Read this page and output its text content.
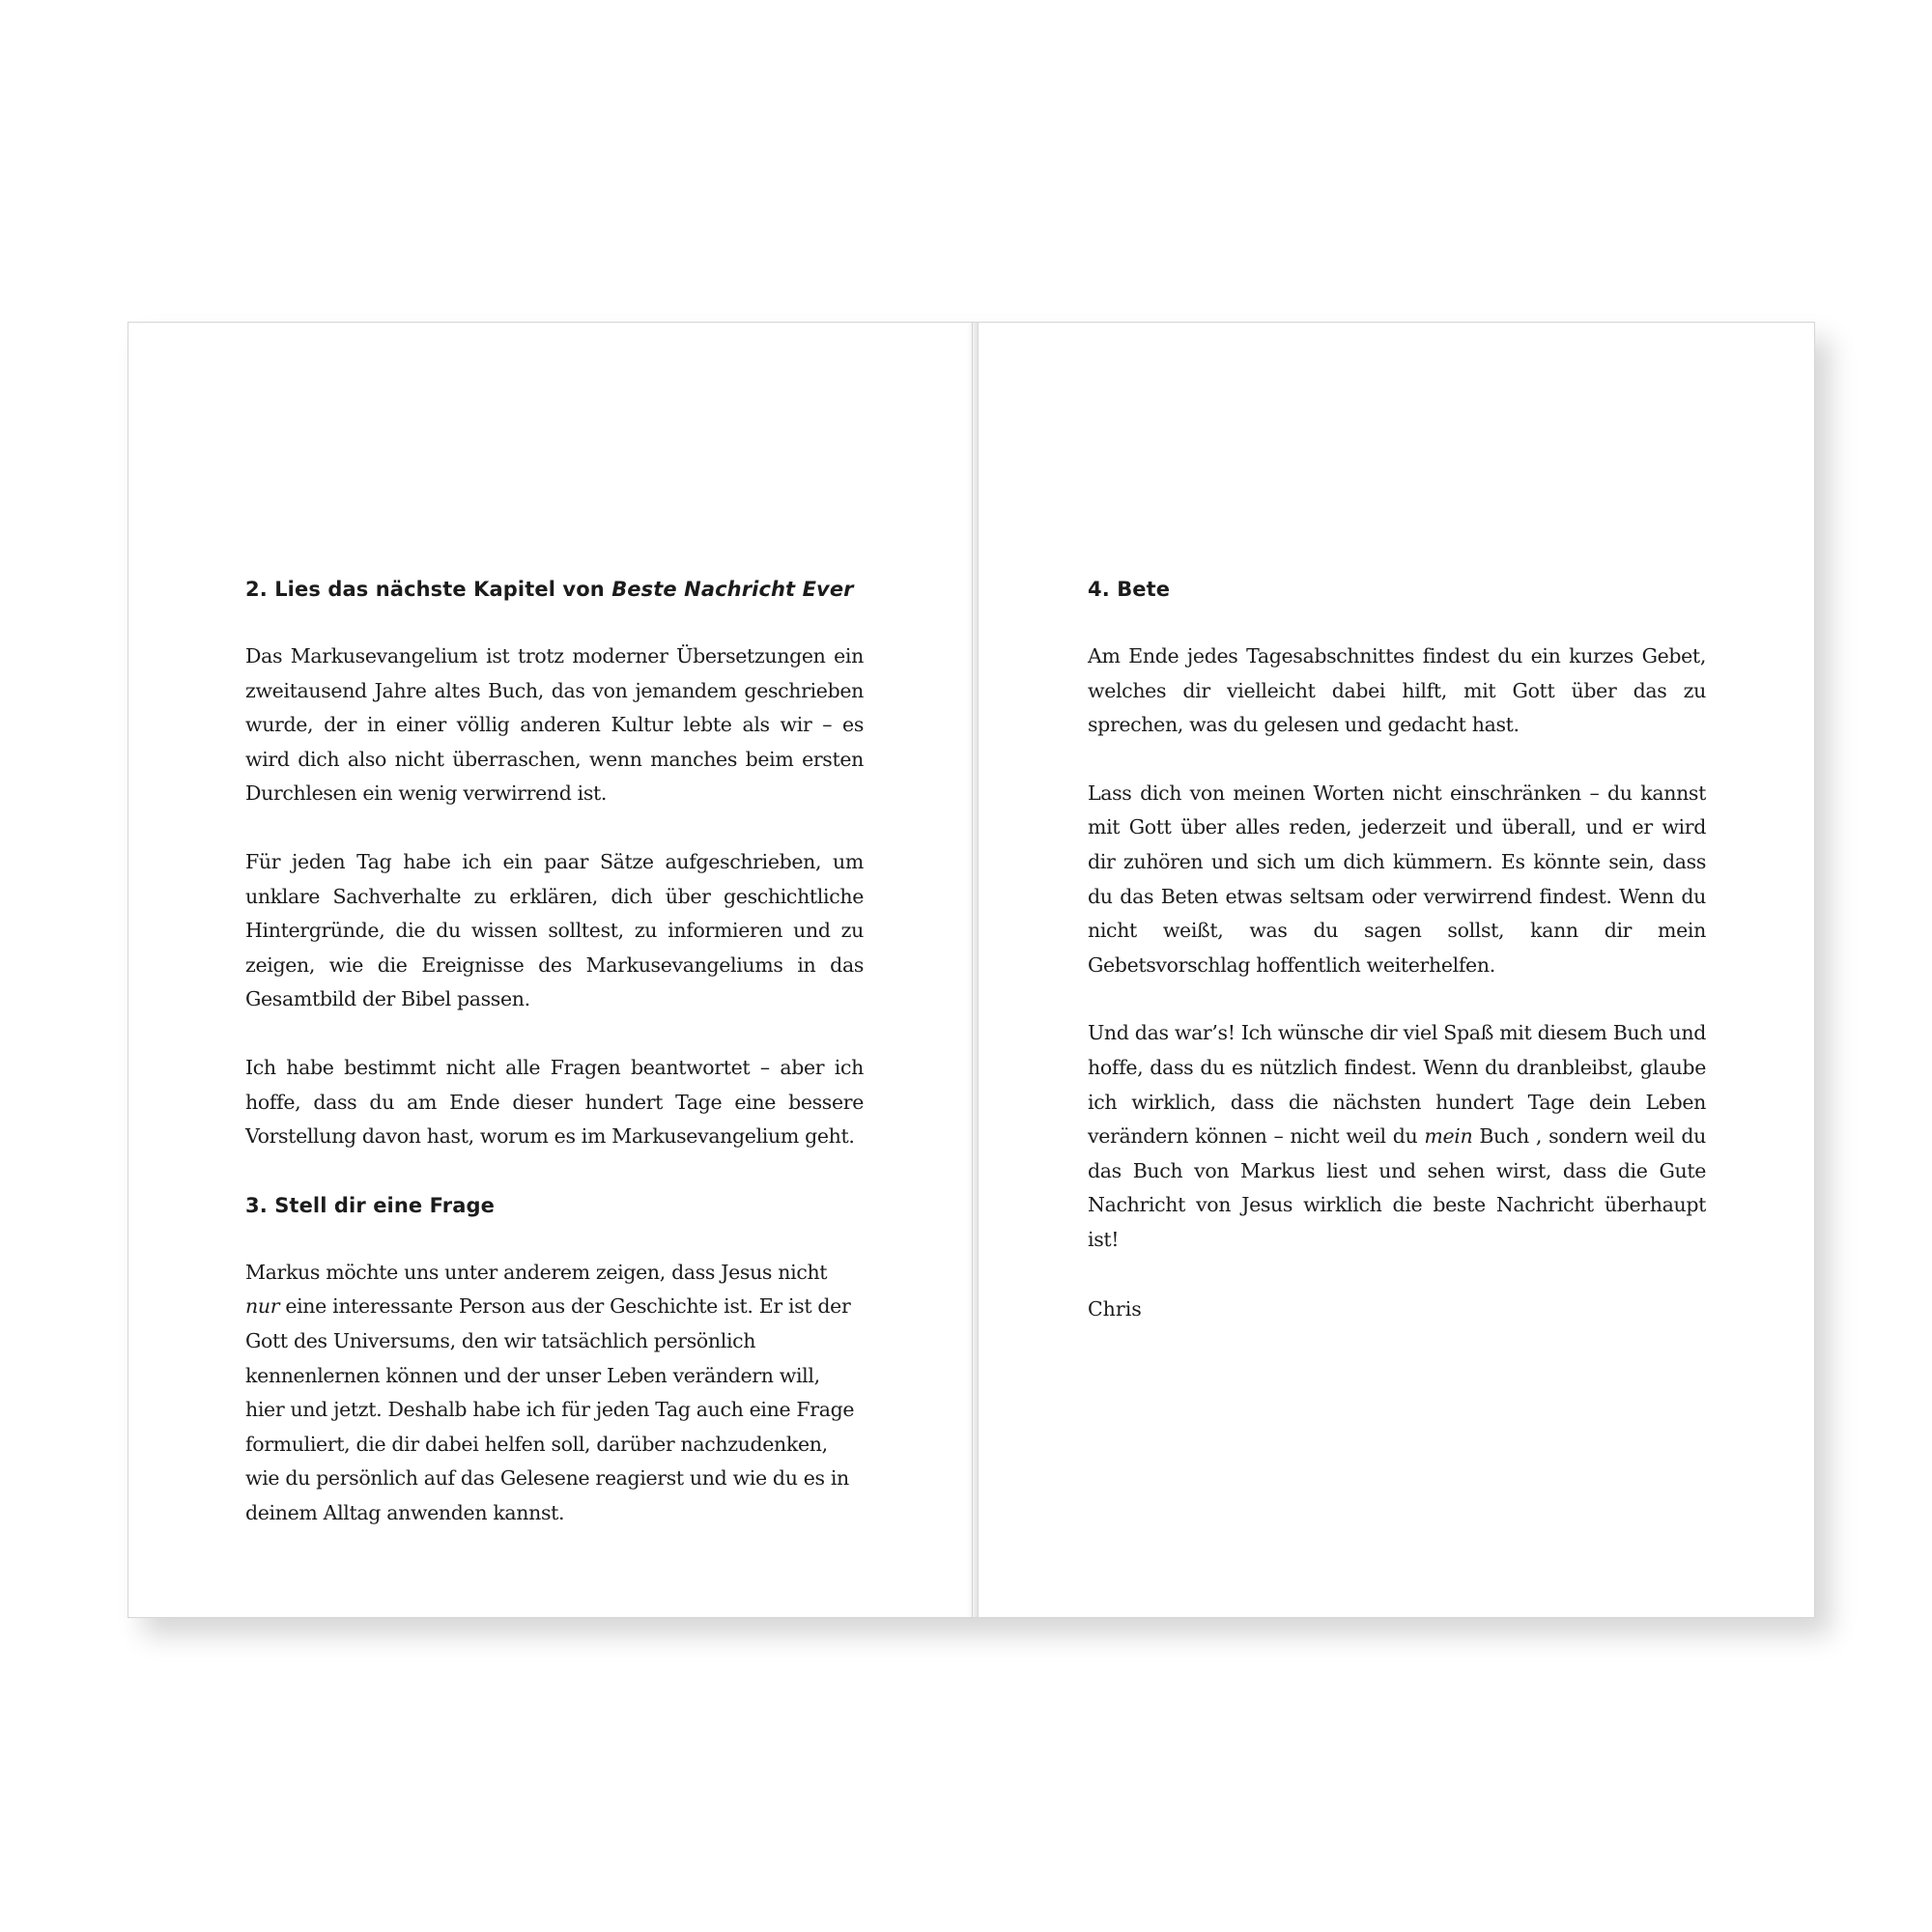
2. Lies das nächste Kapitel von Beste Nachricht Ever

Das Markusevangelium ist trotz moderner Übersetzungen ein zweitausend Jahre altes Buch, das von jemandem geschrieben wurde, der in einer völlig anderen Kultur lebte als wir – es wird dich also nicht überraschen, wenn manches beim ersten Durchlesen ein wenig verwirrend ist.

Für jeden Tag habe ich ein paar Sätze aufgeschrieben, um unklare Sachverhalte zu erklären, dich über geschichtliche Hintergründe, die du wissen solltest, zu informieren und zu zeigen, wie die Ereignisse des Markusevangeliums in das Gesamtbild der Bibel passen.

Ich habe bestimmt nicht alle Fragen beantwortet – aber ich hoffe, dass du am Ende dieser hundert Tage eine bessere Vorstellung davon hast, worum es im Markusevangelium geht.

3. Stell dir eine Frage

Markus möchte uns unter anderem zeigen, dass Jesus nicht nur eine interessante Person aus der Geschichte ist. Er ist der Gott des Universums, den wir tatsächlich persönlich kennenlernen können und der unser Leben verändern will, hier und jetzt. Deshalb habe ich für jeden Tag auch eine Frage formuliert, die dir dabei helfen soll, darüber nachzudenken, wie du persönlich auf das Gelesene reagierst und wie du es in deinem Alltag anwenden kannst.

4. Bete

Am Ende jedes Tagesabschnittes findest du ein kurzes Gebet, welches dir vielleicht dabei hilft, mit Gott über das zu sprechen, was du gelesen und gedacht hast.

Lass dich von meinen Worten nicht einschränken – du kannst mit Gott über alles reden, jederzeit und überall, und er wird dir zuhören und sich um dich kümmern. Es könnte sein, dass du das Beten etwas seltsam oder verwirrend findest. Wenn du nicht weißt, was du sagen sollst, kann dir mein Gebetsvorschlag hoffentlich weiterhelfen.

Und das war’s! Ich wünsche dir viel Spaß mit diesem Buch und hoffe, dass du es nützlich findest. Wenn du dranbleibst, glaube ich wirklich, dass die nächsten hundert Tage dein Leben verändern können – nicht weil du mein Buch , sondern weil du das Buch von Markus liest und sehen wirst, dass die Gute Nachricht von Jesus wirklich die beste Nachricht überhaupt ist!

Chris
